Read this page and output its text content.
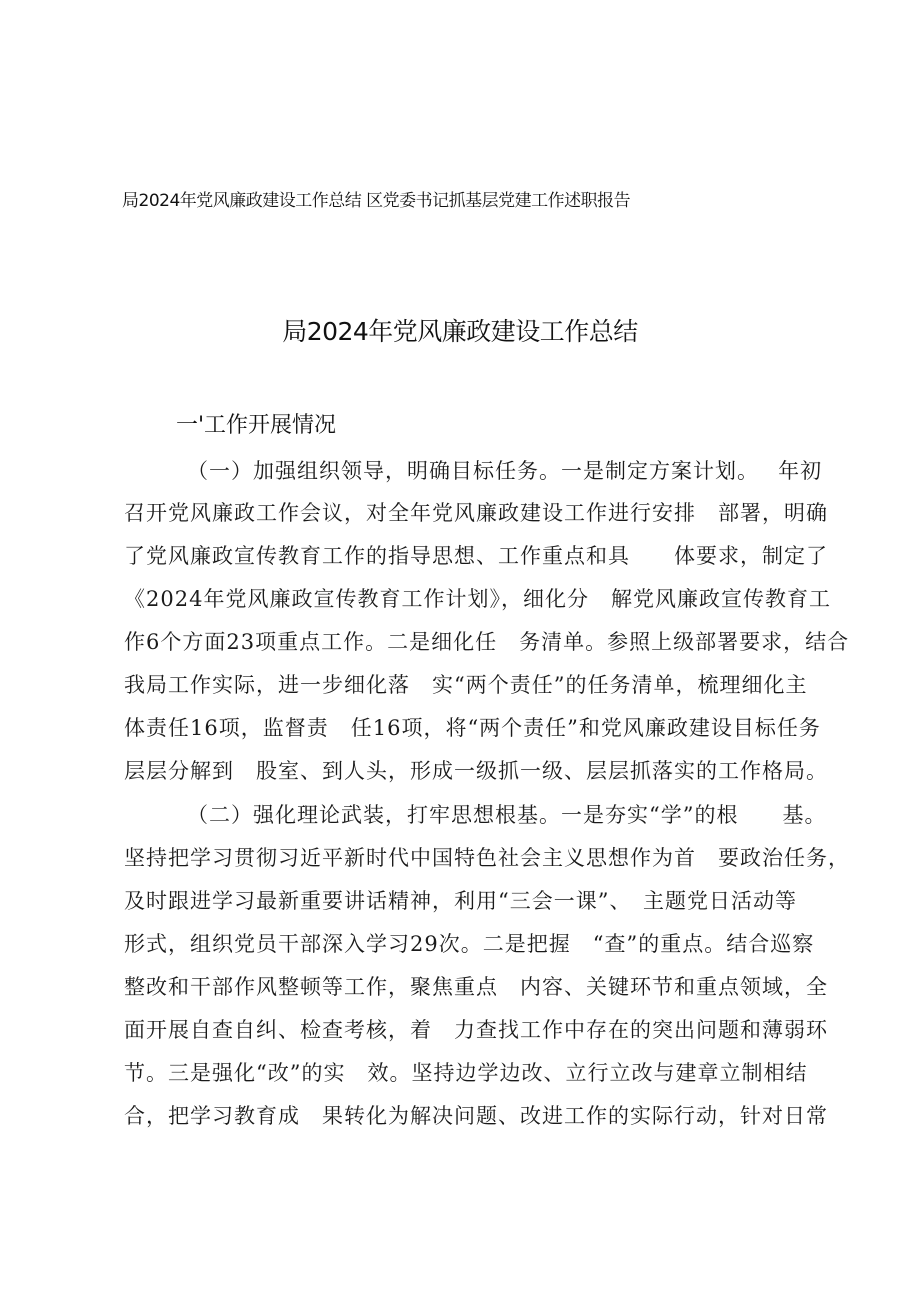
局2024年党风廉政建设工作总结 区党委书记抓基层党建工作述职报告
局2024年党风廉政建设工作总结
一'工作开展情况
（一）加强组织领导，明确目标任务。一是制定方案计划。　 年初
召开党风廉政工作会议，对全年党风廉政建设工作进行安排　部署，明确
了党风廉政宣传教育工作的指导思想、工作重点和具　　体要求，制定了
《2024年党风廉政宣传教育工作计划》，细化分　解党风廉政宣传教育工
作6个方面23项重点工作。二是细化任　务清单。参照上级部署要求，结合
我局工作实际，进一步细化落　实“两个责任”的任务清单，梳理细化主
体责任16项，监督责　任16项，将“两个责任”和党风廉政建设目标任务
层层分解到　股室、到人头，形成一级抓一级、层层抓落实的工作格局。
（二）强化理论武装，打牢思想根基。一是夯实“学”的根　　基。
坚持把学习贯彻习近平新时代中国特色社会主义思想作为首　要政治任务，
及时跟进学习最新重要讲话精神，利用“三会一课”、　主题党日活动等
形式，组织党员干部深入学习29次。二是把握　“查”的重点。结合巡察
整改和干部作风整顿等工作，聚焦重点　内容、关键环节和重点领域，全
面开展自查自纠、检查考核，着　力查找工作中存在的突出问题和薄弱环
节。三是强化“改”的实　效。坚持边学边改、立行立改与建章立制相结
合，把学习教育成　果转化为解决问题、改进工作的实际行动，针对日常
